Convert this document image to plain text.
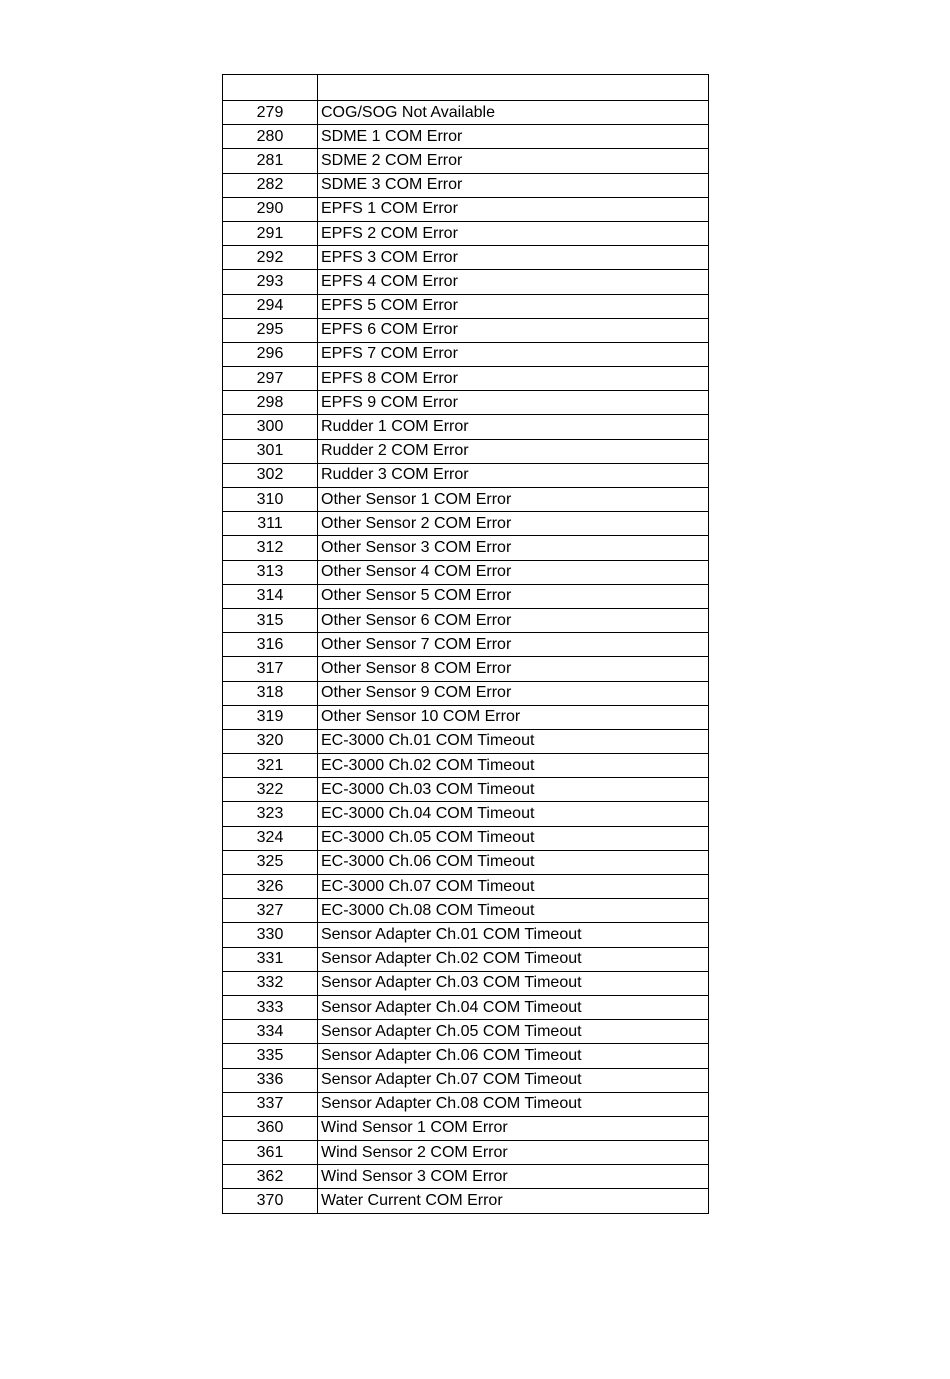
279	COG/SOG Not Available
280	SDME 1 COM Error
281	SDME 2 COM Error
282	SDME 3 COM Error
290	EPFS 1 COM Error
291	EPFS 2 COM Error
292	EPFS 3 COM Error
293	EPFS 4 COM Error
294	EPFS 5 COM Error
295	EPFS 6 COM Error
296	EPFS 7 COM Error
297	EPFS 8 COM Error
298	EPFS 9 COM Error
300	Rudder 1 COM Error
301	Rudder 2 COM Error
302	Rudder 3 COM Error
310	Other Sensor 1 COM Error
311	Other Sensor 2 COM Error
312	Other Sensor 3 COM Error
313	Other Sensor 4 COM Error
314	Other Sensor 5 COM Error
315	Other Sensor 6 COM Error
316	Other Sensor 7 COM Error
317	Other Sensor 8 COM Error
318	Other Sensor 9 COM Error
319	Other Sensor 10 COM Error
320	EC-3000 Ch.01 COM Timeout
321	EC-3000 Ch.02 COM Timeout
322	EC-3000 Ch.03 COM Timeout
323	EC-3000 Ch.04 COM Timeout
324	EC-3000 Ch.05 COM Timeout
325	EC-3000 Ch.06 COM Timeout
326	EC-3000 Ch.07 COM Timeout
327	EC-3000 Ch.08 COM Timeout
330	Sensor Adapter Ch.01 COM Timeout
331	Sensor Adapter Ch.02 COM Timeout
332	Sensor Adapter Ch.03 COM Timeout
333	Sensor Adapter Ch.04 COM Timeout
334	Sensor Adapter Ch.05 COM Timeout
335	Sensor Adapter Ch.06 COM Timeout
336	Sensor Adapter Ch.07 COM Timeout
337	Sensor Adapter Ch.08 COM Timeout
360	Wind Sensor 1 COM Error
361	Wind Sensor 2 COM Error
362	Wind Sensor 3 COM Error
370	Water Current COM Error
